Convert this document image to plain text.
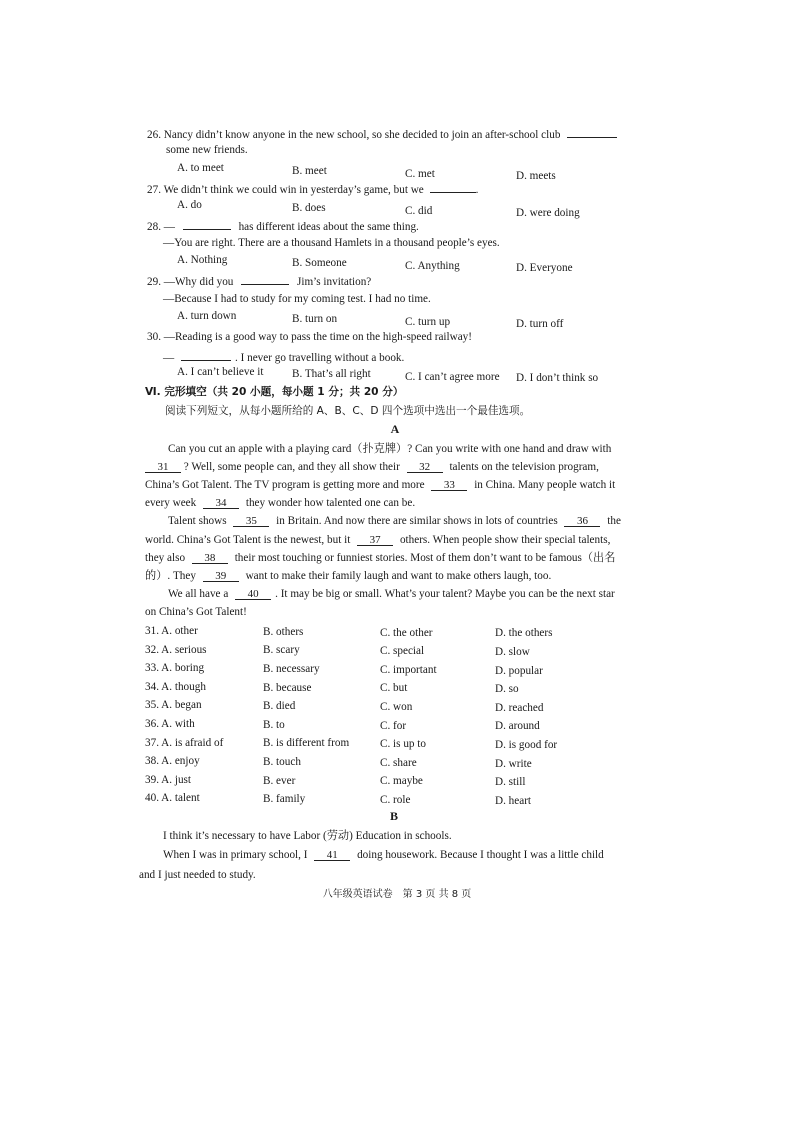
26. Nancy didn’t know anyone in the new school, so she decided to join an after-school club
some new friends.
A. to meet	B. meet	C. met	D. meets
27. We didn’t think we could win in yesterday’s game, but we	.
A. do	B. does	C. did	D. were doing
28. —	has different ideas about the same thing.
—You are right. There are a thousand Hamlets in a thousand people’s eyes.
A. Nothing	B. Someone	C. Anything	D. Everyone
29. —Why did you	Jim’s invitation?
—Because I had to study for my coming test. I had no time.
A. turn down	B. turn on	C. turn up	D. turn off
30. —Reading is a good way to pass the time on the high-speed railway!
—	. I never go travelling without a book.
A. I can’t believe it	B. That’s all right	C. I can’t agree more D. I don’t think so
Ⅵ. 完形填空（共 20 小题，每小题 1 分；共 20 分）
阅读下列短文，从每小题所给的 A、B、C、D 四个选项中选出一个最佳选项。
A
Can you cut an apple with a playing card（扑克牌）? Can you write with one hand and draw with
31 ? Well, some people can, and they all show their 32 talents on the television program,
China’s Got Talent. The TV program is getting more and more 33 in China. Many people watch it
every week 34 they wonder how talented one can be.
Talent shows 35 in Britain. And now there are similar shows in lots of countries 36 the
world. China’s Got Talent is the newest, but it 37 others. When people show their special talents,
they also 38 their most touching or funniest stories. Most of them don’t want to be famous（出名
的）. They 39 want to make their family laugh and want to make others laugh, too.
We all have a 40 . It may be big or small. What’s your talent? Maybe you can be the next star
on China’s Got Talent!
31. A. other	B. others	C. the other	D. the others
32. A. serious	B. scary	C. special	D. slow
33. A. boring	B. necessary	C. important	D. popular
34. A. though	B. because	C. but	D. so
35. A. began	B. died	C. won	D. reached
36. A. with	B. to	C. for	D. around
37. A. is afraid of	B. is different from	C. is up to	D. is good for
38. A. enjoy	B. touch	C. share	D. write
39. A. just	B. ever	C. maybe	D. still
40. A. talent	B. family	C. role	D. heart
B
I think it’s necessary to have Labor (劳动) Education in schools.
When I was in primary school, I 41 doing housework. Because I thought I was a little child
and I just needed to study.
八年级英语试卷　第 3 页 共 8 页
